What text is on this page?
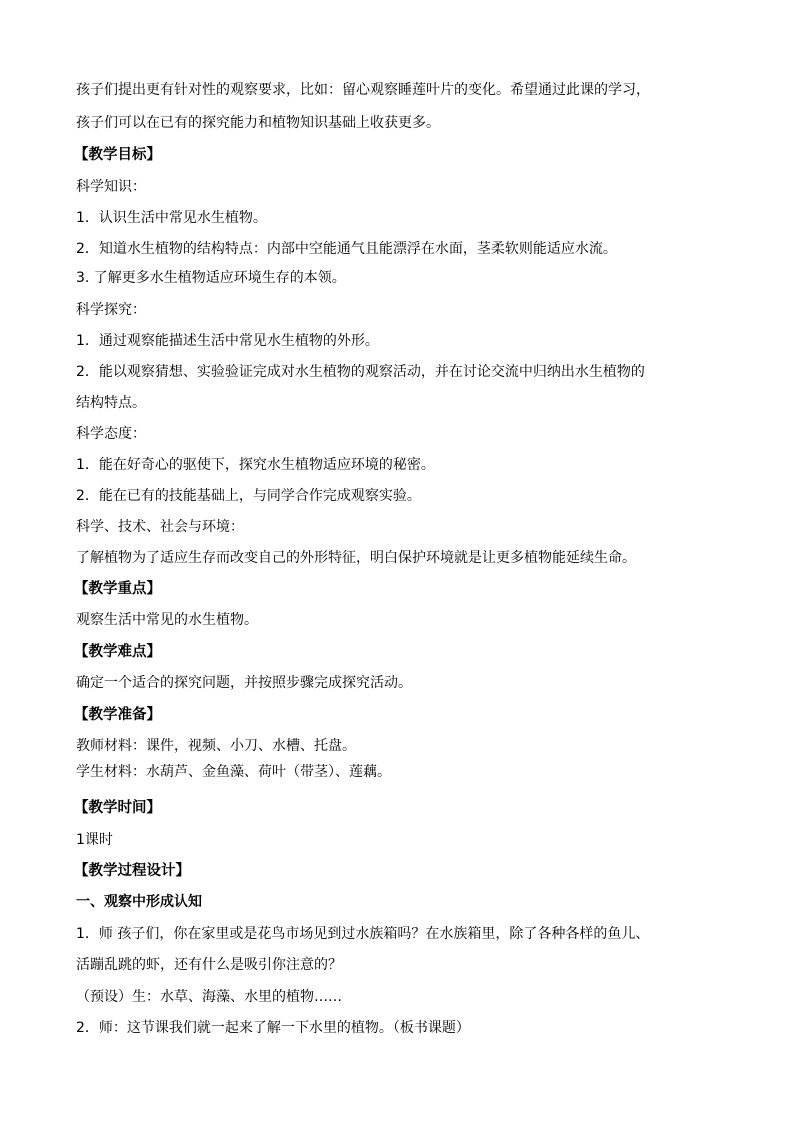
孩子们提出更有针对性的观察要求，比如：留心观察睡莲叶片的变化。希望通过此课的学习，
孩子们可以在已有的探究能力和植物知识基础上收获更多。
【教学目标】
科学知识：
1．认识生活中常见水生植物。
2．知道水生植物的结构特点：内部中空能通气且能漂浮在水面，茎柔软则能适应水流。
3. 了解更多水生植物适应环境生存的本领。
科学探究：
1．通过观察能描述生活中常见水生植物的外形。
2．能以观察猜想、实验验证完成对水生植物的观察活动，并在讨论交流中归纳出水生植物的
结构特点。
科学态度：
1．能在好奇心的驱使下，探究水生植物适应环境的秘密。
2．能在已有的技能基础上，与同学合作完成观察实验。
科学、技术、社会与环境：
了解植物为了适应生存而改变自己的外形特征，明白保护环境就是让更多植物能延续生命。
【教学重点】
观察生活中常见的水生植物。
【教学难点】
确定一个适合的探究问题，并按照步骤完成探究活动。
【教学准备】
教师材料：课件，视频、小刀、水槽、托盘。
学生材料：水葫芦、金鱼藻、荷叶（带茎）、莲藕。
【教学时间】
1课时
【教学过程设计】
一、观察中形成认知
1．师 孩子们，你在家里或是花鸟市场见到过水族箱吗？在水族箱里，除了各种各样的鱼儿、
活蹦乱跳的虾，还有什么是吸引你注意的？
（预设）生：水草、海藻、水里的植物……
2．师：这节课我们就一起来了解一下水里的植物。（板书课题）
